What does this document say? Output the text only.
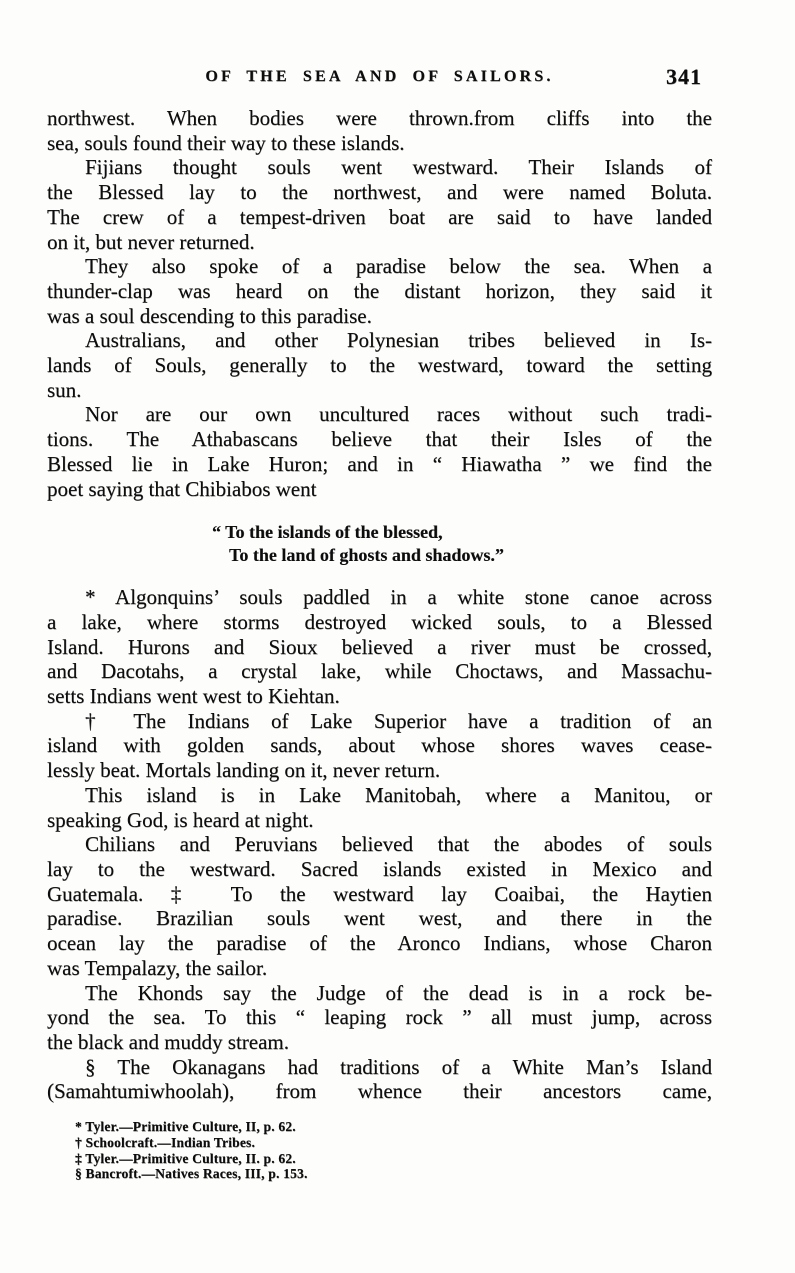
OF THE SEA AND OF SAILORS.	341
northwest. When bodies were thrown.from cliffs into the
sea, souls found their way to these islands.
Fijians thought souls went westward. Their Islands of
the Blessed lay to the northwest, and were named Boluta.
The crew of a tempest-driven boat are said to have landed
on it, but never returned.
They also spoke of a paradise below the sea. When a
thunder-clap was heard on the distant horizon, they said it
was a soul descending to this paradise.
Australians, and other Polynesian tribes believed in Is-
lands of Souls, generally to the westward, toward the setting
sun.
Nor are our own uncultured races without such tradi-
tions. The Athabascans believe that their Isles of the
Blessed lie in Lake Huron; and in “ Hiawatha ” we find the
poet saying that Chibiabos went
“ To the islands of the blessed,
To the land of ghosts and shadows.”
* Algonquins’ souls paddled in a white stone canoe across
a lake, where storms destroyed wicked souls, to a Blessed
Island. Hurons and Sioux believed a river must be crossed,
and Dacotahs, a crystal lake, while Choctaws, and Massachu-
setts Indians went west to Kiehtan.
† The Indians of Lake Superior have a tradition of an
island with golden sands, about whose shores waves cease-
lessly beat. Mortals landing on it, never return.
This island is in Lake Manitobah, where a Manitou, or
speaking God, is heard at night.
Chilians and Peruvians believed that the abodes of souls
lay to the westward. Sacred islands existed in Mexico and
Guatemala. ‡ To the westward lay Coaibai, the Haytien
paradise. Brazilian souls went west, and there in the
ocean lay the paradise of the Aronco Indians, whose Charon
was Tempalazy, the sailor.
The Khonds say the Judge of the dead is in a rock be-
yond the sea. To this “ leaping rock ” all must jump, across
the black and muddy stream.
§ The Okanagans had traditions of a White Man’s Island
(Samahtumiwhoolah), from whence their ancestors came,
* Tyler.—Primitive Culture, II, p. 62.
† Schoolcraft.—Indian Tribes.
‡ Tyler.—Primitive Culture, II. p. 62.
§ Bancroft.—Natives Races, III, p. 153.
